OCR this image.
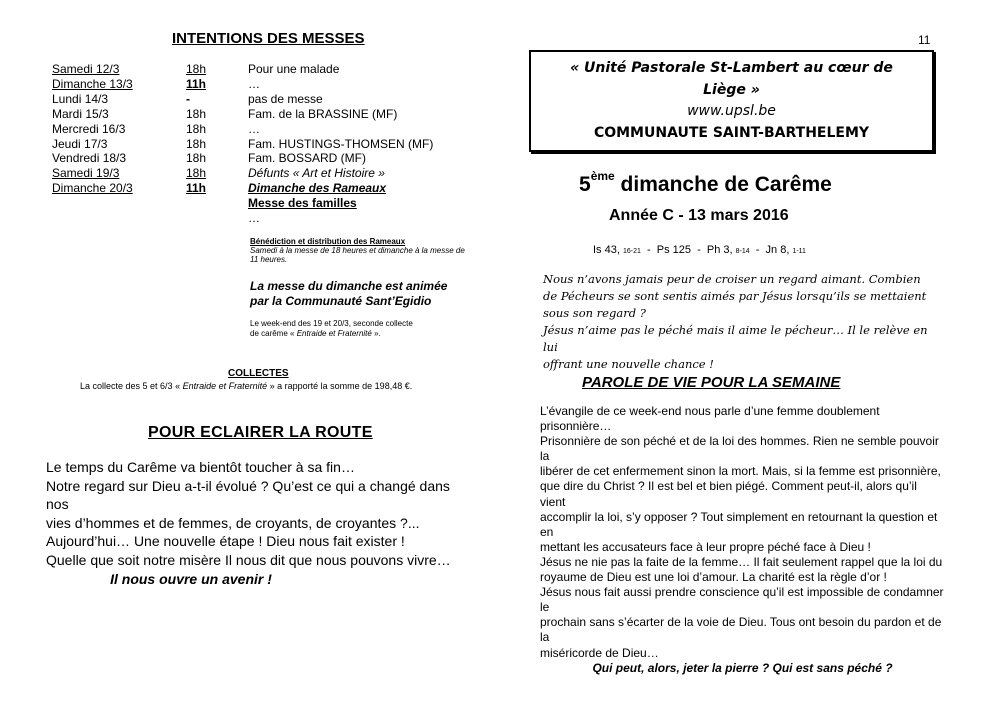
INTENTIONS DES MESSES
Samedi 12/3	18h	Pour une malade
Dimanche 13/3	11h	…
Lundi 14/3	-	pas de messe
Mardi 15/3	18h	Fam. de la BRASSINE (MF)
Mercredi 16/3	18h	…
Jeudi 17/3	18h	Fam. HUSTINGS-THOMSEN (MF)
Vendredi 18/3	18h	Fam. BOSSARD (MF)
Samedi 19/3	18h	Défunts « Art et Histoire »
Dimanche 20/3	11h	Dimanche des Rameaux
Messe des familles
…
Bénédiction et distribution des Rameaux
Samedi à la messe de 18 heures et dimanche à la messe de 11 heures.
La messe du dimanche est animée
par la Communauté Sant’Egidio
Le week-end des 19 et 20/3, seconde collecte
de carême « Entraide et Fraternité ».
COLLECTES
La collecte des 5 et 6/3 « Entraide et Fraternité » a rapporté la somme de 198,48 €.
POUR ECLAIRER LA ROUTE
Le temps du Carême va bientôt toucher à sa fin…
Notre regard sur Dieu a-t-il évolué ? Qu’est ce qui a changé dans nos
vies d’hommes et de femmes, de croyants, de croyantes ?...
Aujourd’hui… Une nouvelle étape ! Dieu nous fait exister !
Quelle que soit notre misère Il nous dit que nous pouvons vivre…
Il nous ouvre un avenir !
11
« Unité Pastorale St-Lambert au cœur de
Liège »
www.upsl.be
COMMUNAUTE SAINT-BARTHELEMY
5ème dimanche de Carême
Année C - 13 mars 2016
Is 43, 16-21  -  Ps 125  -  Ph 3, 8-14  -  Jn 8, 1-11
Nous n’avons jamais peur de croiser un regard aimant. Combien
de Pécheurs se sont sentis aimés par Jésus lorsqu’ils se mettaient
sous son regard ?
Jésus n’aime pas le péché mais il aime le pécheur… Il le relève en lui
offrant une nouvelle chance !
PAROLE DE VIE POUR LA SEMAINE
L’évangile de ce week-end nous parle d’une femme doublement prisonnière…
Prisonnière de son péché et de la loi des hommes. Rien ne semble pouvoir la
libérer de cet enfermement sinon la mort. Mais, si la femme est prisonnière,
que dire du Christ ? Il est bel et bien piégé. Comment peut-il, alors qu’il vient
accomplir la loi, s’y opposer ? Tout simplement en retournant la question et en
mettant les accusateurs face à leur propre péché face à Dieu !
Jésus ne nie pas la faite de la femme… Il fait seulement rappel que la loi du
royaume de Dieu est une loi d’amour. La charité est la règle d’or !
Jésus nous fait aussi prendre conscience qu’il est impossible de condamner le
prochain sans s’écarter de la voie de Dieu. Tous ont besoin du pardon et de la
miséricorde de Dieu…
Qui peut, alors, jeter la pierre ? Qui est sans péché ?
